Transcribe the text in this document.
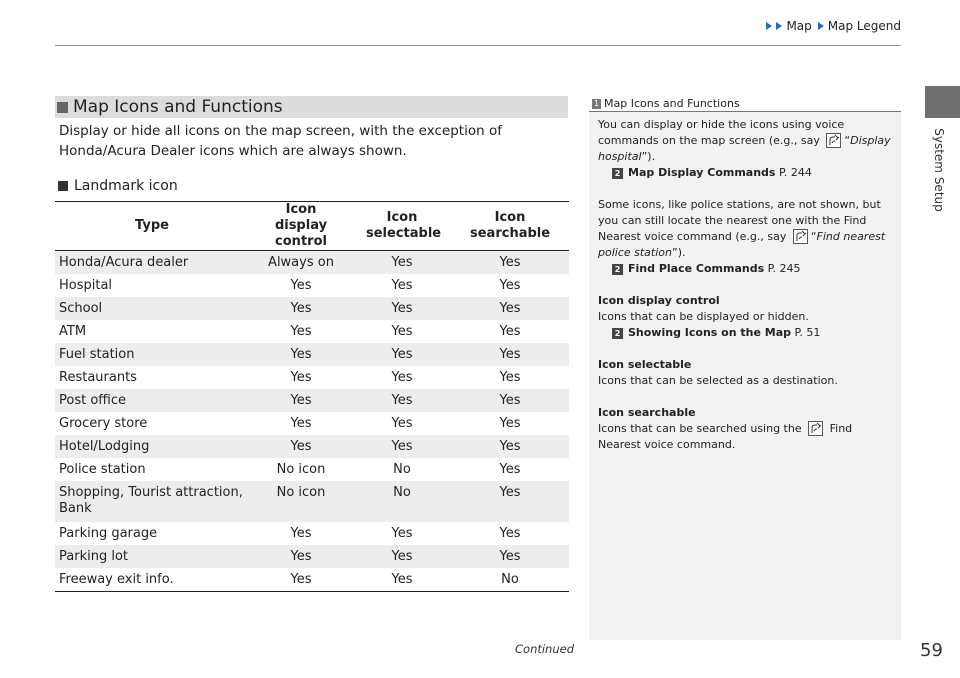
Map Map Legend
System Setup
Map Icons and Functions
Display or hide all icons on the map screen, with the exception of Honda/Acura Dealer icons which are always shown.
Landmark icon
Type	Icon display control	Icon selectable	Icon searchable
Honda/Acura dealer	Always on	Yes	Yes
Hospital	Yes	Yes	Yes
School	Yes	Yes	Yes
ATM	Yes	Yes	Yes
Fuel station	Yes	Yes	Yes
Restaurants	Yes	Yes	Yes
Post office	Yes	Yes	Yes
Grocery store	Yes	Yes	Yes
Hotel/Lodging	Yes	Yes	Yes
Police station	No icon	No	Yes
Shopping, Tourist attraction, Bank	No icon	No	Yes
Parking garage	Yes	Yes	Yes
Parking lot	Yes	Yes	Yes
Freeway exit info.	Yes	Yes	No
1 Map Icons and Functions

You can display or hide the icons using voice commands on the map screen (e.g., say “Display hospital”).

2 Map Display Commands
P. 244

Some icons, like police stations, are not shown, but you can still locate the nearest one with the Find Nearest voice command (e.g., say “Find nearest police station”).

2 Find Place Commands
P. 245

Icon display control

Icons that can be displayed or hidden.

2 Showing Icons on the Map
P. 51

Icon selectable

Icons that can be selected as a destination.

Icon searchable

Icons that can be searched using the	Find Nearest voice command.

Continued	59
